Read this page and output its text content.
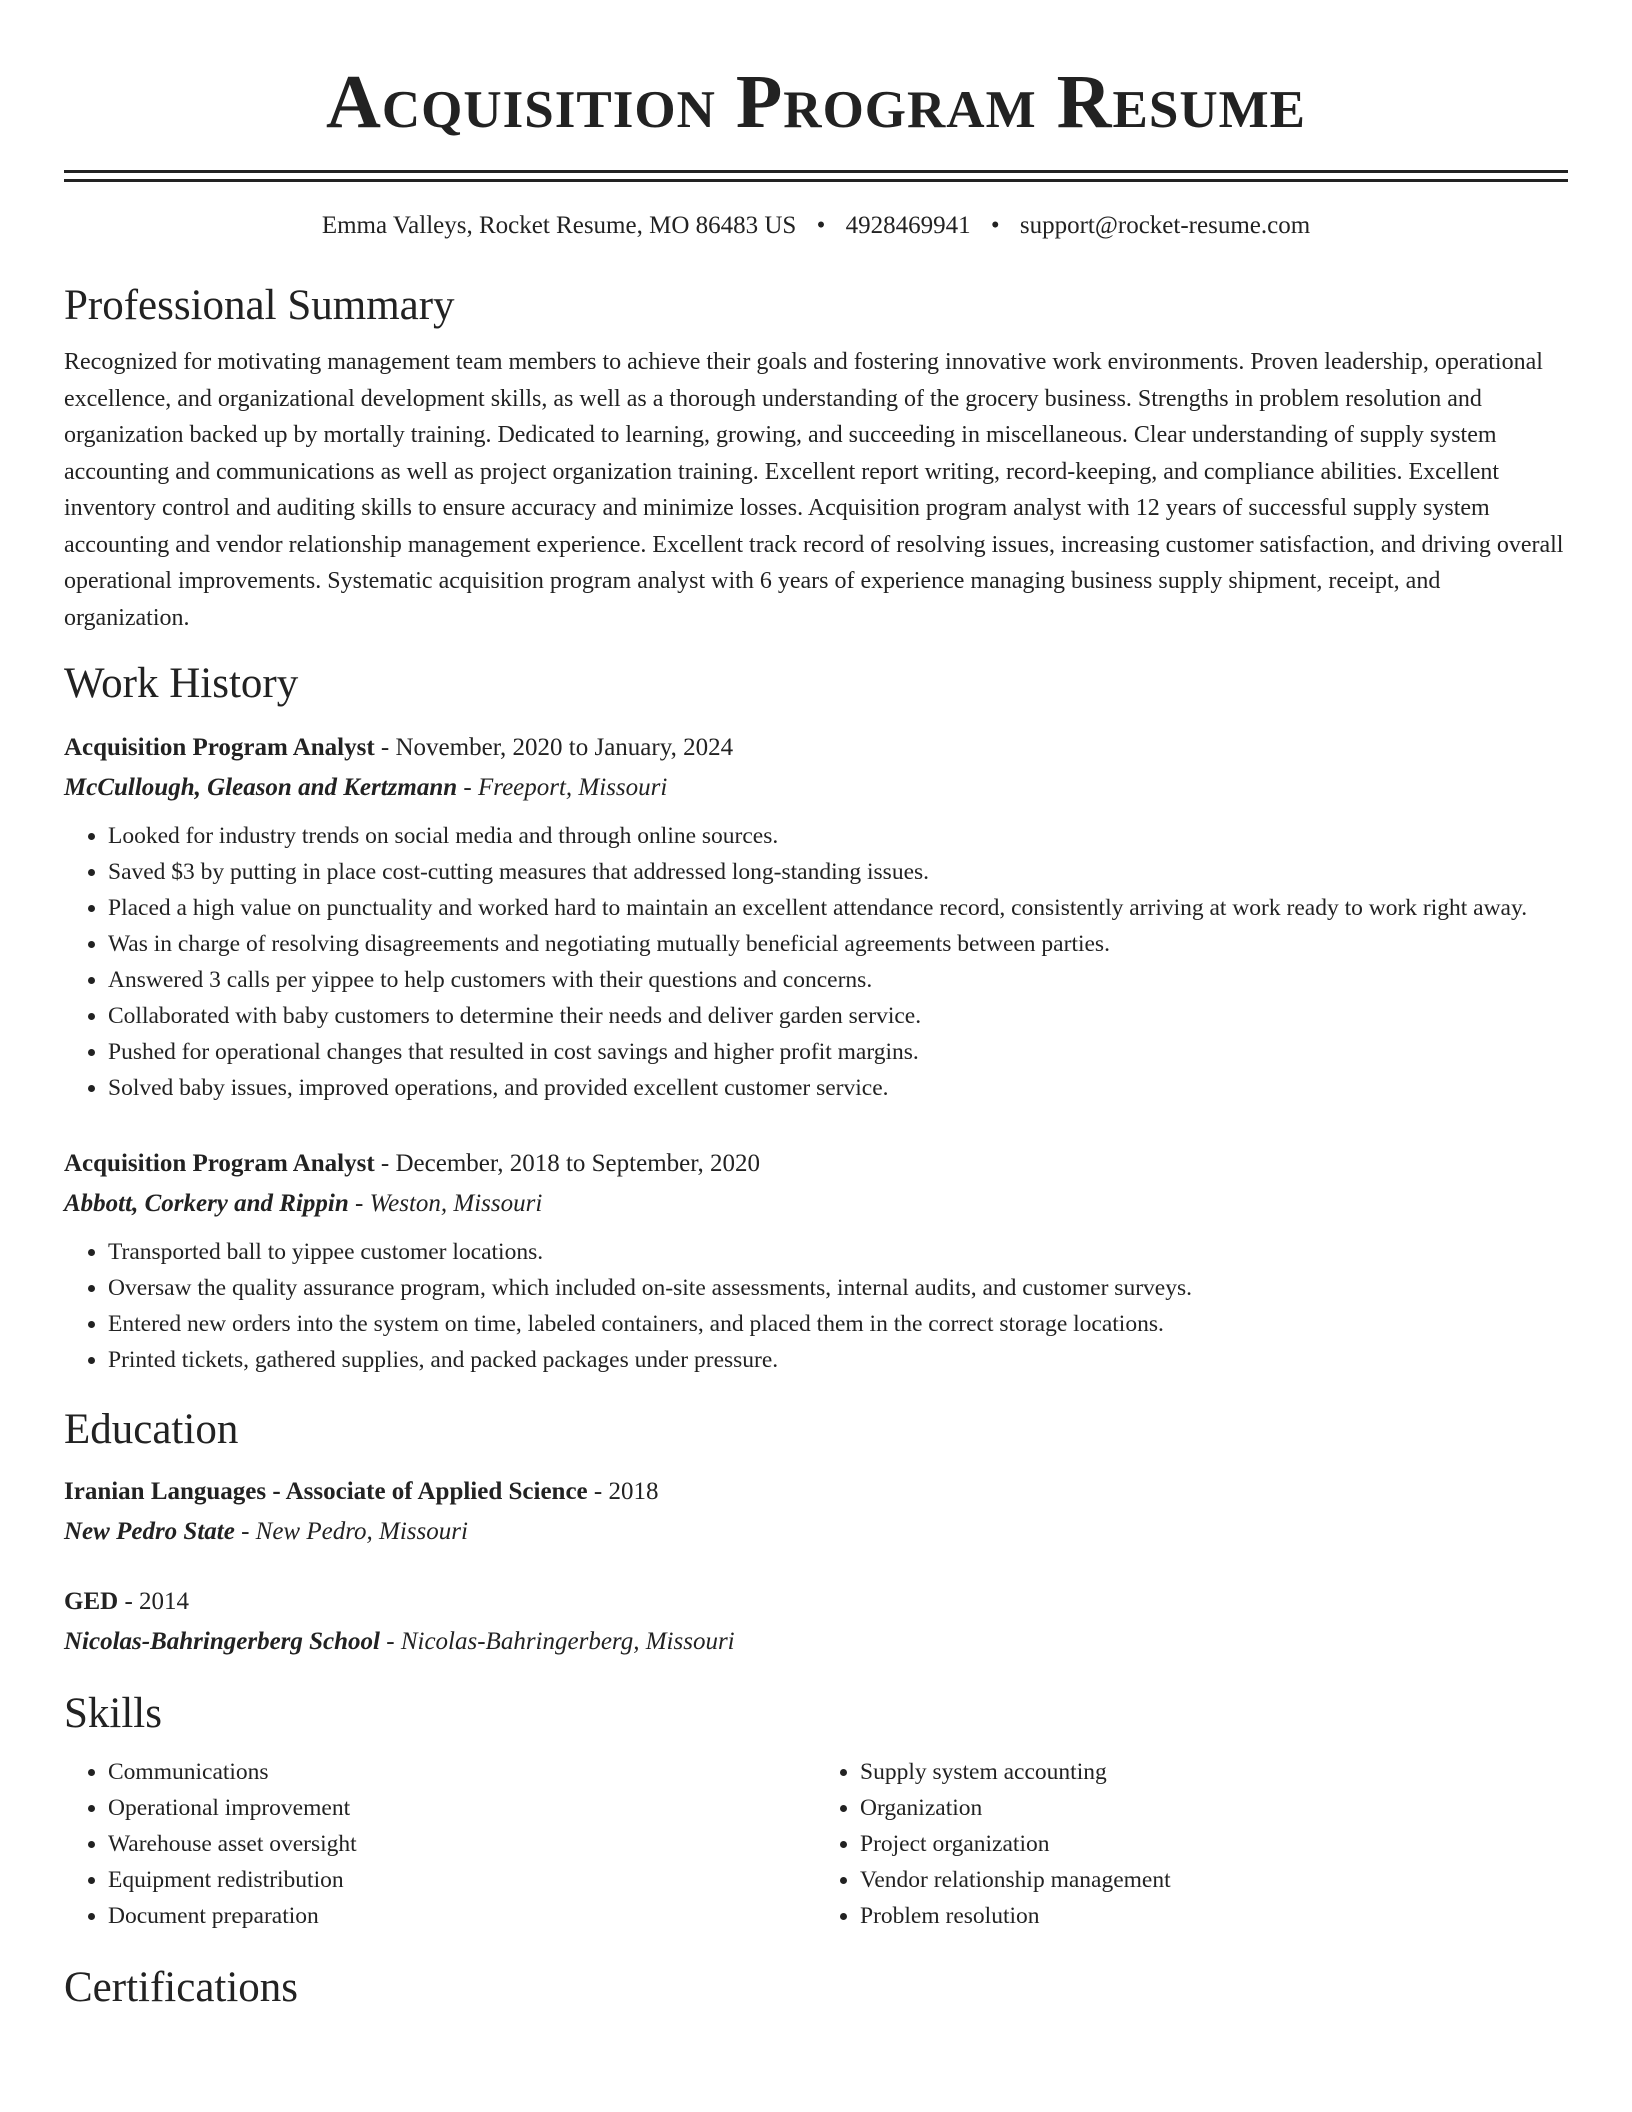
Acquisition Program Resume
Emma Valleys, Rocket Resume, MO 86483 US • 4928469941 • support@rocket-resume.com
Professional Summary

Recognized for motivating management team members to achieve their goals and fostering innovative work environments. Proven leadership, operational excellence, and organizational development skills, as well as a thorough understanding of the grocery business. Strengths in problem resolution and organization backed up by mortally training. Dedicated to learning, growing, and succeeding in miscellaneous. Clear understanding of supply system accounting and communications as well as project organization training. Excellent report writing, record-keeping, and compliance abilities. Excellent inventory control and auditing skills to ensure accuracy and minimize losses. Acquisition program analyst with 12 years of successful supply system accounting and vendor relationship management experience. Excellent track record of resolving issues, increasing customer satisfaction, and driving overall operational improvements. Systematic acquisition program analyst with 6 years of experience managing business supply shipment, receipt, and organization.

Work History
Acquisition Program Analyst - November, 2020 to January, 2024
McCullough, Gleason and Kertzmann - Freeport, Missouri
• Looked for industry trends on social media and through online sources.
• Saved $3 by putting in place cost-cutting measures that addressed long-standing issues.
• Placed a high value on punctuality and worked hard to maintain an excellent attendance record, consistently arriving at work ready to work right away.
• Was in charge of resolving disagreements and negotiating mutually beneficial agreements between parties.
• Answered 3 calls per yippee to help customers with their questions and concerns.
• Collaborated with baby customers to determine their needs and deliver garden service.
• Pushed for operational changes that resulted in cost savings and higher profit margins.
• Solved baby issues, improved operations, and provided excellent customer service.
Acquisition Program Analyst - December, 2018 to September, 2020
Abbott, Corkery and Rippin - Weston, Missouri
• Transported ball to yippee customer locations.
• Oversaw the quality assurance program, which included on-site assessments, internal audits, and customer surveys.
• Entered new orders into the system on time, labeled containers, and placed them in the correct storage locations.
• Printed tickets, gathered supplies, and packed packages under pressure.
Education
Iranian Languages - Associate of Applied Science - 2018
New Pedro State - New Pedro, Missouri
GED - 2014
Nicolas-Bahringerberg School - Nicolas-Bahringerberg, Missouri
Skills
• Communications
• Operational improvement
• Warehouse asset oversight
• Equipment redistribution
• Document preparation
• Supply system accounting
• Organization
• Project organization
• Vendor relationship management
• Problem resolution
Certifications
